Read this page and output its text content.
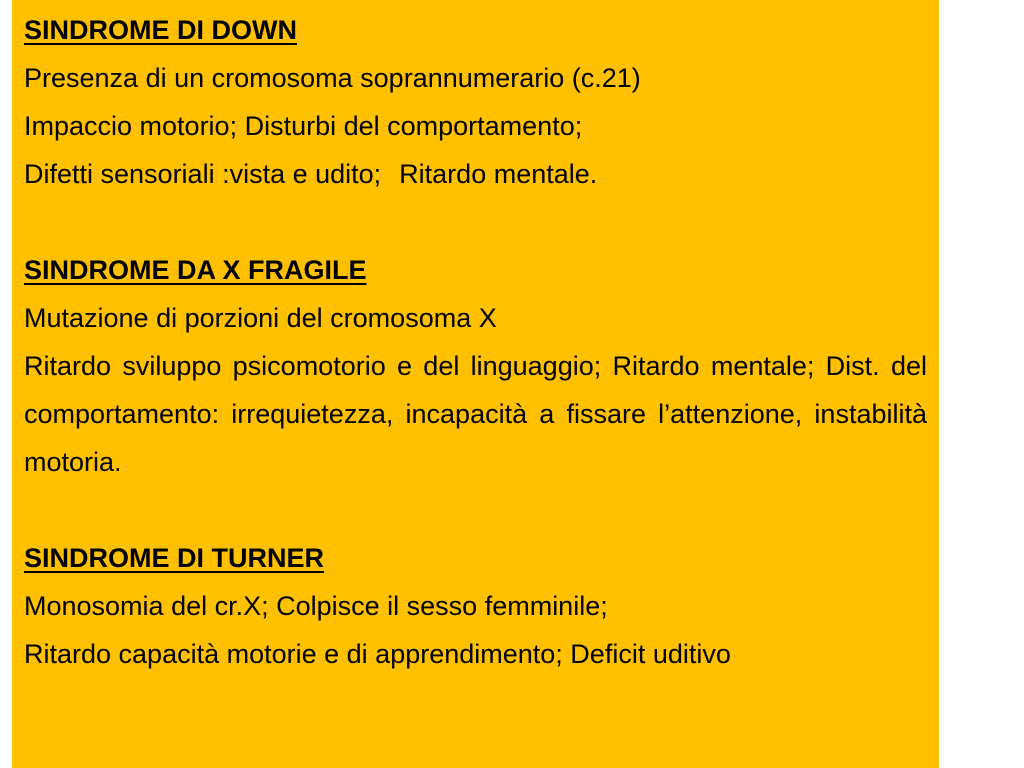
SINDROME DI DOWN
Presenza di un cromosoma soprannumerario (c.21)
Impaccio motorio; Disturbi del comportamento;
Difetti sensoriali :vista e udito; Ritardo mentale.
SINDROME DA X FRAGILE
Mutazione di porzioni del cromosoma X
Ritardo sviluppo psicomotorio e del linguaggio; Ritardo mentale; Dist. del comportamento: irrequietezza, incapacità a fissare l’attenzione, instabilità motoria.
SINDROME DI TURNER
Monosomia del cr.X; Colpisce il sesso femminile;
Ritardo capacità motorie e di apprendimento; Deficit uditivo
